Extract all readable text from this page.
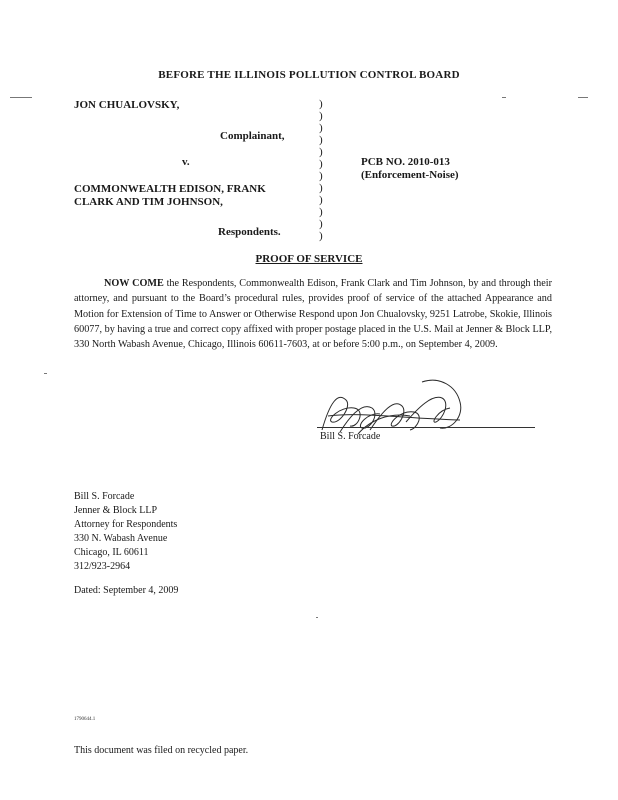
BEFORE THE ILLINOIS POLLUTION CONTROL BOARD
JON CHUALOVSKY,
Complainant,
v.
COMMONWEALTH EDISON, FRANK
CLARK AND TIM JOHNSON,
Respondents.
)
)
)
)
)
)
)
)
)
)
)
)
PCB NO. 2010-013
(Enforcement-Noise)
PROOF OF SERVICE
NOW COME the Respondents, Commonwealth Edison, Frank Clark and Tim Johnson, by and through their attorney, and pursuant to the Board’s procedural rules, provides proof of service of the attached Appearance and Motion for Extension of Time to Answer or Otherwise Respond upon Jon Chualovsky, 9251 Latrobe, Skokie, Illinois 60077, by having a true and correct copy affixed with proper postage placed in the U.S. Mail at Jenner & Block LLP, 330 North Wabash Avenue, Chicago, Illinois 60611-7603, at or before 5:00 p.m., on September 4, 2009.
Bill S. Forcade
Bill S. Forcade
Jenner & Block LLP
Attorney for Respondents
330 N. Wabash Avenue
Chicago, IL 60611
312/923-2964
Dated: September 4, 2009
1790644.1
This document was filed on recycled paper.
